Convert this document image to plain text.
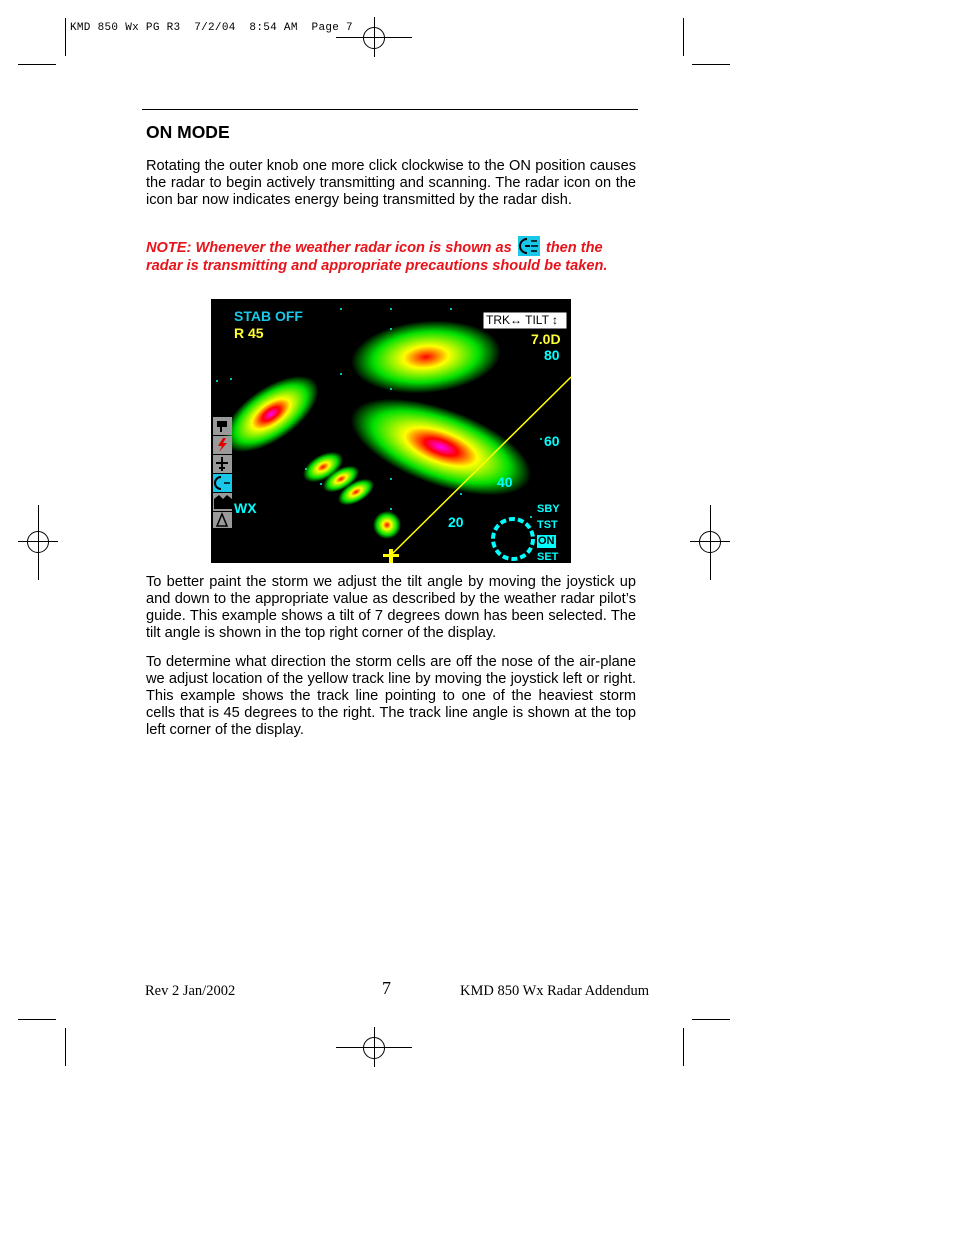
KMD 850 Wx PG R3  7/2/04  8:54 AM  Page 7
ON MODE

Rotating the outer knob one more click clockwise to the ON position causes the radar to begin actively transmitting and scanning. The radar icon on the icon bar now indicates energy being transmitted by the radar dish.

NOTE: Whenever the weather radar icon is shown as then the radar is transmitting and appropriate precautions should be taken.

STAB OFF
R 45
TRK↔ TILT ↕
7.0D
80
60
40
20
WX	SBY
TST
ON
SET

To better paint the storm we adjust the tilt angle by moving the joystick up and down to the appropriate value as described by the weather radar pilot’s guide. This example shows a tilt of 7 degrees down has been selected. The tilt angle is shown in the top right corner of the display.

To determine what direction the storm cells are off the nose of the air-plane we adjust location of the yellow track line by moving the joystick left or right. This example shows the track line pointing to one of the heaviest storm cells that is 45 degrees to the right. The track line angle is shown at the top left corner of the display.

Rev 2 Jan/2002	7	KMD 850 Wx Radar Addendum
